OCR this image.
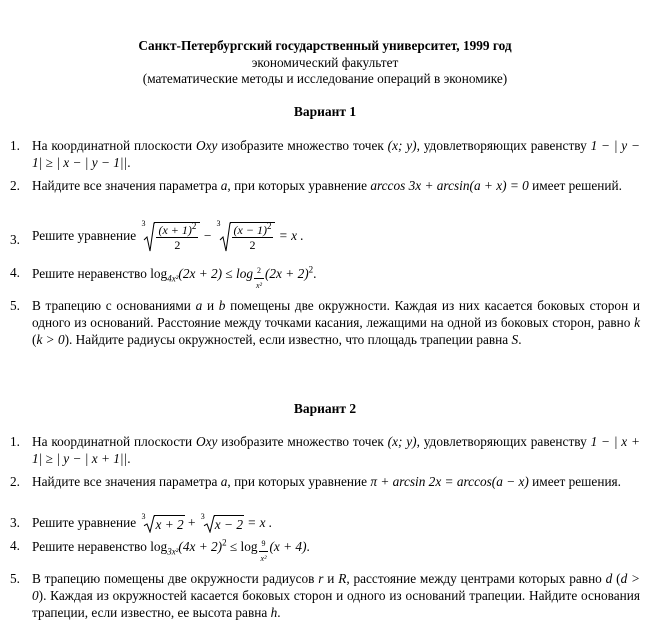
Санкт-Петербургский государственный университет, 1999 год
экономический факультет
(математические методы и исследование операций в экономике)
Вариант 1
1. На координатной плоскости Oxy изобразите множество точек (x; y), удовлетворяющих равенству 1 − | y − 1| ≥ | x − | y − 1||.
2. Найдите все значения параметра a, при которых уравнение arccos 3x + arcsin(a + x) = 0 имеет решений.
3. Решите уравнение
$3 \frac{(x + 1)^2}{2}$ −
$3 \frac{(x - 1)^2}{2} = x$ .
4. Решите неравенство $\log_{4x^2}(2x + 2) \le \log \frac{2}{\text{x²}} (2x + 2)^2$.
5. В трапецию с основаниями a и b помещены две окружности. Каждая из них касается боковых сторон и одного из оснований. Расстояние между точками касания, лежащими на одной из боковых сторон, равно k (k > 0). Найдите радиусы окружностей, если известно, что площадь трапеции равна S.
Вариант 2
1. На координатной плоскости Oxy изобразите множество точек (x; y), удовлетворяющих равенству 1 − | x + 1| ≥ | y − | x + 1||.
2. Найдите все значения параметра a, при которых уравнение π + arcsin 2x = arccos(a − x) имеет решения.
3. Решите уравнение 3
x + 2
+ 3
x − 2
= x .
4. Решите неравенство $\log_{3x^2}(4x + 2)^2 \le \log \frac{9}{\text{x²}} (x + 4)$.
5. В трапецию помещены две окружности радиусов r и R, расстояние между центрами которых равно d (d > 0). Каждая из окружностей касается боковых сторон и одного из оснований трапеции. Найдите основания трапеции, если известно, ее высота равна h.
